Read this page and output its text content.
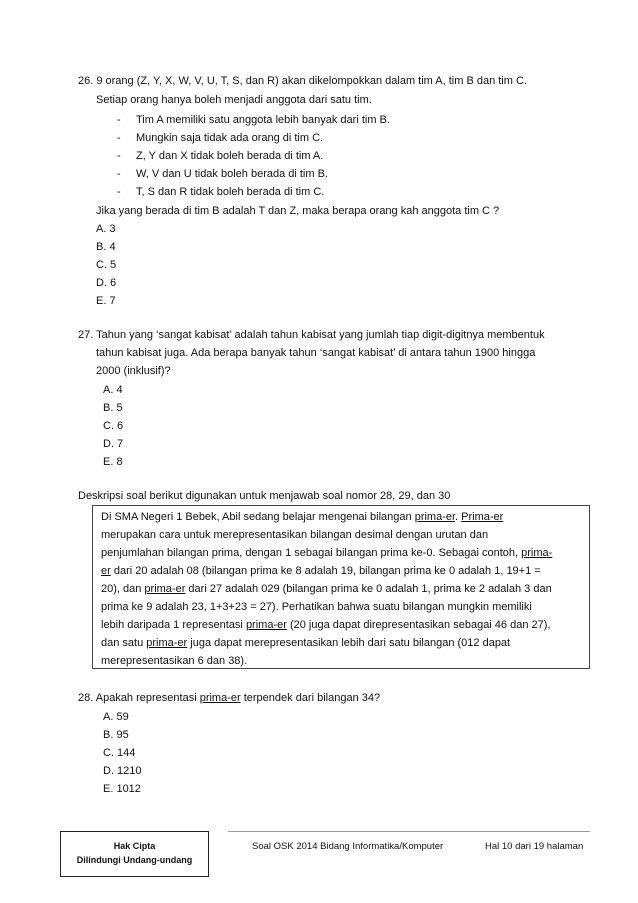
26. 9 orang (Z, Y, X, W, V, U, T, S, dan R) akan dikelompokkan dalam tim A, tim B dan tim C.
Setiap orang hanya boleh menjadi anggota dari satu tim.
- Tim A memiliki satu anggota lebih banyak dari tim B.
- Mungkin saja tidak ada orang di tim C.
- Z, Y dan X tidak boleh berada di tim A.
- W, V dan U tidak boleh berada di tim B.
- T, S dan R tidak boleh berada di tim C.
Jika yang berada di tim B adalah T dan Z, maka berapa orang kah anggota tim C ?
A. 3
B. 4
C. 5
D. 6
E. 7
27. Tahun yang ‘sangat kabisat’ adalah tahun kabisat yang jumlah tiap digit-digitnya membentuk
tahun kabisat juga. Ada berapa banyak tahun ‘sangat kabisat’ di antara tahun 1900 hingga
2000 (inklusif)?
A. 4
B. 5
C. 6
D. 7
E. 8
Deskripsi soal berikut digunakan untuk menjawab soal nomor 28, 29, dan 30
Di SMA Negeri 1 Bebek, Abil sedang belajar mengenai bilangan prima-er. Prima-er
merupakan cara untuk merepresentasikan bilangan desimal dengan urutan dan
penjumlahan bilangan prima, dengan 1 sebagai bilangan prima ke-0. Sebagai contoh, prima-
er dari 20 adalah 08 (bilangan prima ke 8 adalah 19, bilangan prima ke 0 adalah 1, 19+1 =
20), dan prima-er dari 27 adalah 029 (bilangan prima ke 0 adalah 1, prima ke 2 adalah 3 dan
prima ke 9 adalah 23, 1+3+23 = 27). Perhatikan bahwa suatu bilangan mungkin memiliki
lebih daripada 1 representasi prima-er (20 juga dapat direpresentasikan sebagai 46 dan 27),
dan satu prima-er juga dapat merepresentasikan lebih dari satu bilangan (012 dapat
merepresentasikan 6 dan 38).
28. Apakah representasi prima-er terpendek dari bilangan 34?
A. 59
B. 95
C. 144
D. 1210
E. 1012
Hak Cipta
Dilindungi Undang-undang
Soal OSK 2014 Bidang Informatika/Komputer	Hal 10 dari 19 halaman
